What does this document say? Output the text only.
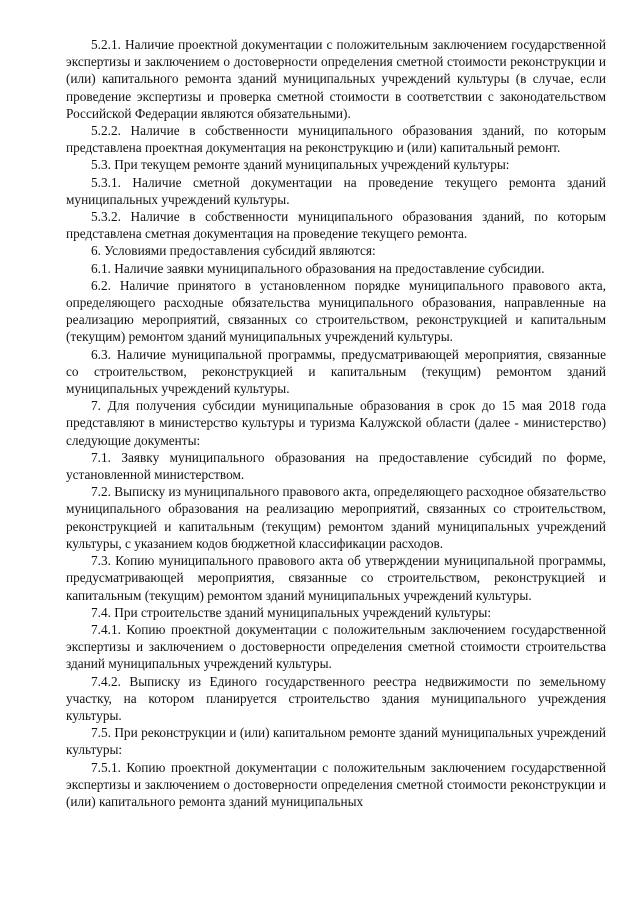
5.2.1. Наличие проектной документации с положительным заключением государственной экспертизы и заключением о достоверности определения сметной стоимости реконструкции и (или) капитального ремонта зданий муниципальных учреждений культуры (в случае, если проведение экспертизы и проверка сметной стоимости в соответствии с законодательством Российской Федерации являются обязательными).

5.2.2. Наличие в собственности муниципального образования зданий, по которым представлена проектная документация на реконструкцию и (или) капитальный ремонт.

5.3. При текущем ремонте зданий муниципальных учреждений культуры:

5.3.1. Наличие сметной документации на проведение текущего ремонта зданий муниципальных учреждений культуры.

5.3.2. Наличие в собственности муниципального образования зданий, по которым представлена сметная документация на проведение текущего ремонта.

6. Условиями предоставления субсидий являются:

6.1. Наличие заявки муниципального образования на предоставление субсидии.

6.2. Наличие принятого в установленном порядке муниципального правового акта, определяющего расходные обязательства муниципального образования, направленные на реализацию мероприятий, связанных со строительством, реконструкцией и капитальным (текущим) ремонтом зданий муниципальных учреждений культуры.

6.3. Наличие муниципальной программы, предусматривающей мероприятия, связанные со строительством, реконструкцией и капитальным (текущим) ремонтом зданий муниципальных учреждений культуры.

7. Для получения субсидии муниципальные образования в срок до 15 мая 2018 года представляют в министерство культуры и туризма Калужской области (далее - министерство) следующие документы:

7.1. Заявку муниципального образования на предоставление субсидий по форме, установленной министерством.

7.2. Выписку из муниципального правового акта, определяющего расходное обязательство муниципального образования на реализацию мероприятий, связанных со строительством, реконструкцией и капитальным (текущим) ремонтом зданий муниципальных учреждений культуры, с указанием кодов бюджетной классификации расходов.

7.3. Копию муниципального правового акта об утверждении муниципальной программы, предусматривающей мероприятия, связанные со строительством, реконструкцией и капитальным (текущим) ремонтом зданий муниципальных учреждений культуры.

7.4. При строительстве зданий муниципальных учреждений культуры:

7.4.1. Копию проектной документации с положительным заключением государственной экспертизы и заключением о достоверности определения сметной стоимости строительства зданий муниципальных учреждений культуры.

7.4.2. Выписку из Единого государственного реестра недвижимости по земельному участку, на котором планируется строительство здания муниципального учреждения культуры.

7.5. При реконструкции и (или) капитальном ремонте зданий муниципальных учреждений культуры:

7.5.1. Копию проектной документации с положительным заключением государственной экспертизы и заключением о достоверности определения сметной стоимости реконструкции и (или) капитального ремонта зданий муниципальных
